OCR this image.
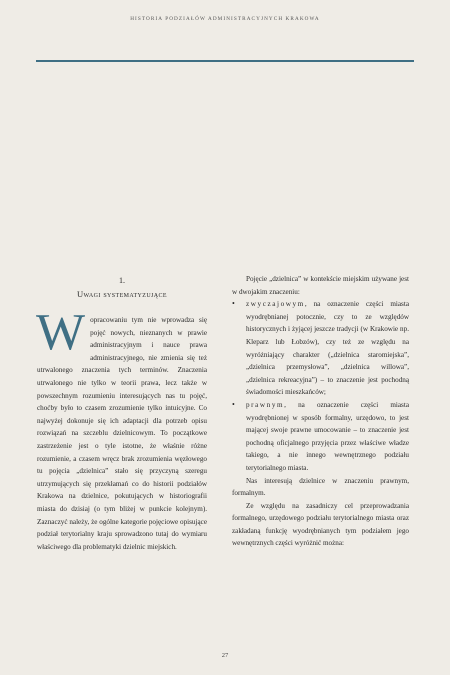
HISTORIA PODZIAŁÓW ADMINISTRACYJNYCH KRAKOWA
1.
Uwagi systematyzujące

Wopracowaniu tym nie wprowadza się pojęć nowych, nieznanych w prawie administracyjnym i nauce prawa administracyjnego, nie zmienia się też utrwalonego znaczenia tych terminów. Znaczenia utrwalonego nie tylko w teorii prawa, lecz także w powszechnym rozumieniu interesujących nas tu pojęć, choćby było to czasem zrozumienie tylko intuicyjne. Co najwyżej dokonuje się ich adaptacji dla potrzeb opisu rozwiązań na szczeblu dzielnicowym. To początkowe zastrzeżenie jest o tyle istotne, że właśnie różne rozumienie, a czasem wręcz brak zrozumienia węzłowego tu pojęcia „dzielnica” stało się przyczyną szeregu utrzymujących się przekłamań co do historii podziałów Krakowa na dzielnice, pokutujących w historiografii miasta do dzisiaj (o tym bliżej w punkcie kolejnym). Zaznaczyć należy, że ogólne kategorie pojęciowe opisujące podział terytorialny kraju sprowadzono tutaj do wymiaru właściwego dla problematyki dzielnic miejskich.

Pojęcie „dzielnica” w kontekście miejskim używane jest w dwojakim znaczeniu:

• zwyczajowym, na oznaczenie części miasta wyodrębnianej potocznie, czy to ze względów historycznych i żyjącej jeszcze tradycji (w Krakowie np. Kleparz lub Łobzów), czy też ze względu na wyróżniający charakter („dzielnica staromiejska”, „dzielnica przemysłowa”, „dzielnica willowa”, „dzielnica rekreacyjna”) – to znaczenie jest pochodną świadomości mieszkańców;
• prawnym, na oznaczenie części miasta wyodrębnionej w sposób formalny, urzędowo, to jest mającej swoje prawne umocowanie – to znaczenie jest pochodną oficjalnego przyjęcia przez właściwe władze takiego, a nie innego wewnętrznego podziału terytorialnego miasta.

Nas interesują dzielnice w znaczeniu prawnym, formalnym.

Ze względu na zasadniczy cel przeprowadzania formalnego, urzędowego podziału terytorialnego miasta oraz zakładaną funkcję wyodrębnianych tym podziałem jego wewnętrznych części wyróżnić można:

27
